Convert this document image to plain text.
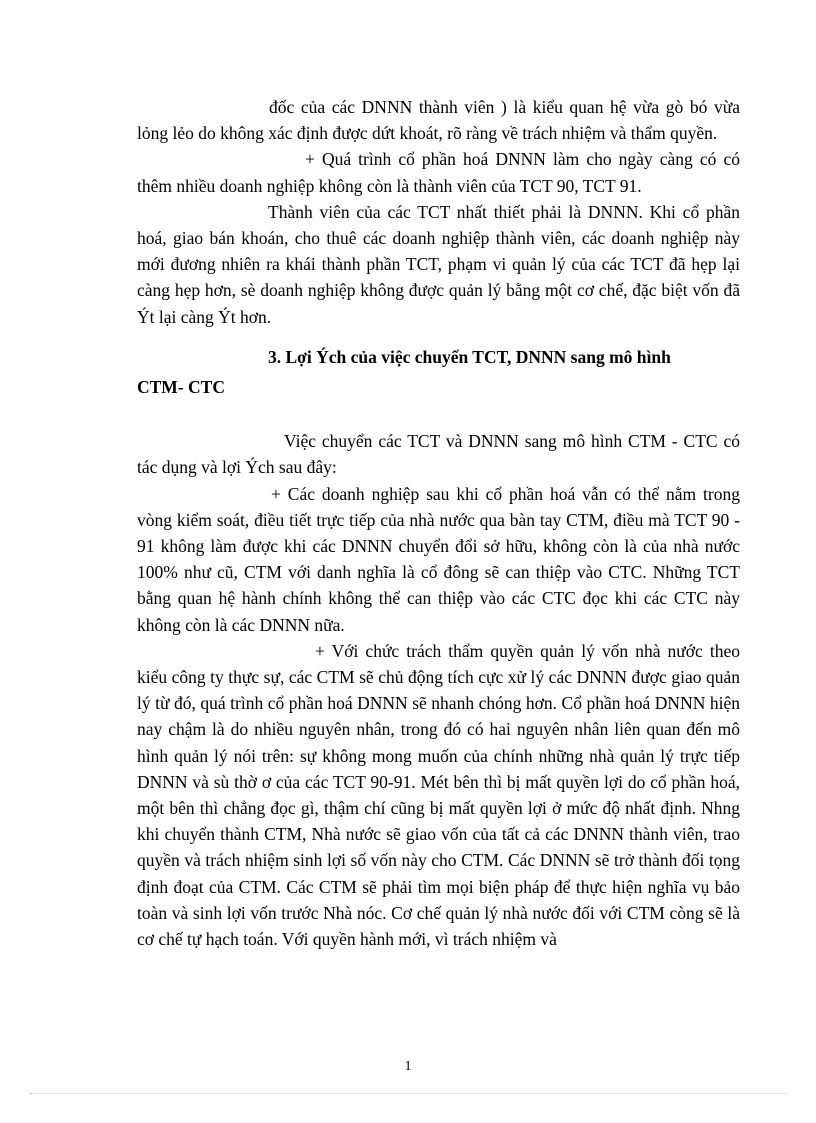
đốc của các DNNN thành viên ) là kiểu quan hệ vừa gò bó vừa lỏng lẻo do không xác định được dứt khoát, rõ ràng về trách nhiệm và thẩm quyền.

+ Quá trình cổ phần hoá DNNN làm cho ngày càng có có thêm nhiều doanh nghiệp không còn là thành viên của TCT 90, TCT 91.

Thành viên của các TCT nhất thiết phải là DNNN. Khi cổ phần hoá, giao bán khoán, cho thuê các doanh nghiệp thành viên, các doanh nghiệp này mới đương nhiên ra khái thành phần TCT, phạm vi quản lý của các TCT đã hẹp lại càng hẹp hơn, sè doanh nghiệp không được quản lý bằng một cơ chế, đặc biệt vốn đã Ýt lại càng Ýt hơn.

3. Lợi Ých của việc chuyển TCT, DNNN sang mô hình
CTM- CTC

Việc chuyển các TCT và DNNN sang mô hình CTM - CTC có tác dụng và lợi Ých sau đây:

+ Các doanh nghiệp sau khi cổ phần hoá vẫn có thể nằm trong vòng kiểm soát, điều tiết trực tiếp của nhà nước qua bàn tay CTM, điều mà TCT 90 - 91 không làm được khi các DNNN chuyển đổi sở hữu, không còn là của nhà nước 100% như cũ, CTM với danh nghĩa là cổ đông sẽ can thiệp vào CTC. Những TCT bằng quan hệ hành chính không thể can thiệp vào các CTC đọc khi các CTC này không còn là các DNNN nữa.

+ Với chức trách thẩm quyền quản lý vốn nhà nước theo kiểu công ty thực sự, các CTM sẽ chủ động tích cực xử lý các DNNN được giao quản lý từ đó, quá trình cổ phần hoá DNNN sẽ nhanh chóng hơn. Cổ phần hoá DNNN hiện nay chậm là do nhiều nguyên nhân, trong đó có hai nguyên nhân liên quan đến mô hình quản lý nói trên: sự không mong muốn của chính những nhà quản lý trực tiếp DNNN và sù thờ ơ của các TCT 90-91. Mét bên thì bị mất quyền lợi do cổ phần hoá, một bên thì chẳng đọc gì, thậm chí cũng bị mất quyền lợi ở mức độ nhất định. Nhng khi chuyển thành CTM, Nhà nước sẽ giao vốn của tất cả các DNNN thành viên, trao quyền và trách nhiệm sinh lợi số vốn này cho CTM. Các DNNN sẽ trở thành đối tọng định đoạt của CTM. Các CTM sẽ phải tìm mọi biện pháp để thực hiện nghĩa vụ bảo toàn và sinh lợi vốn trước Nhà nóc. Cơ chế quản lý nhà nước đối với CTM còng sẽ là cơ chế tự hạch toán. Với quyền hành mới, vì trách nhiệm và

1
